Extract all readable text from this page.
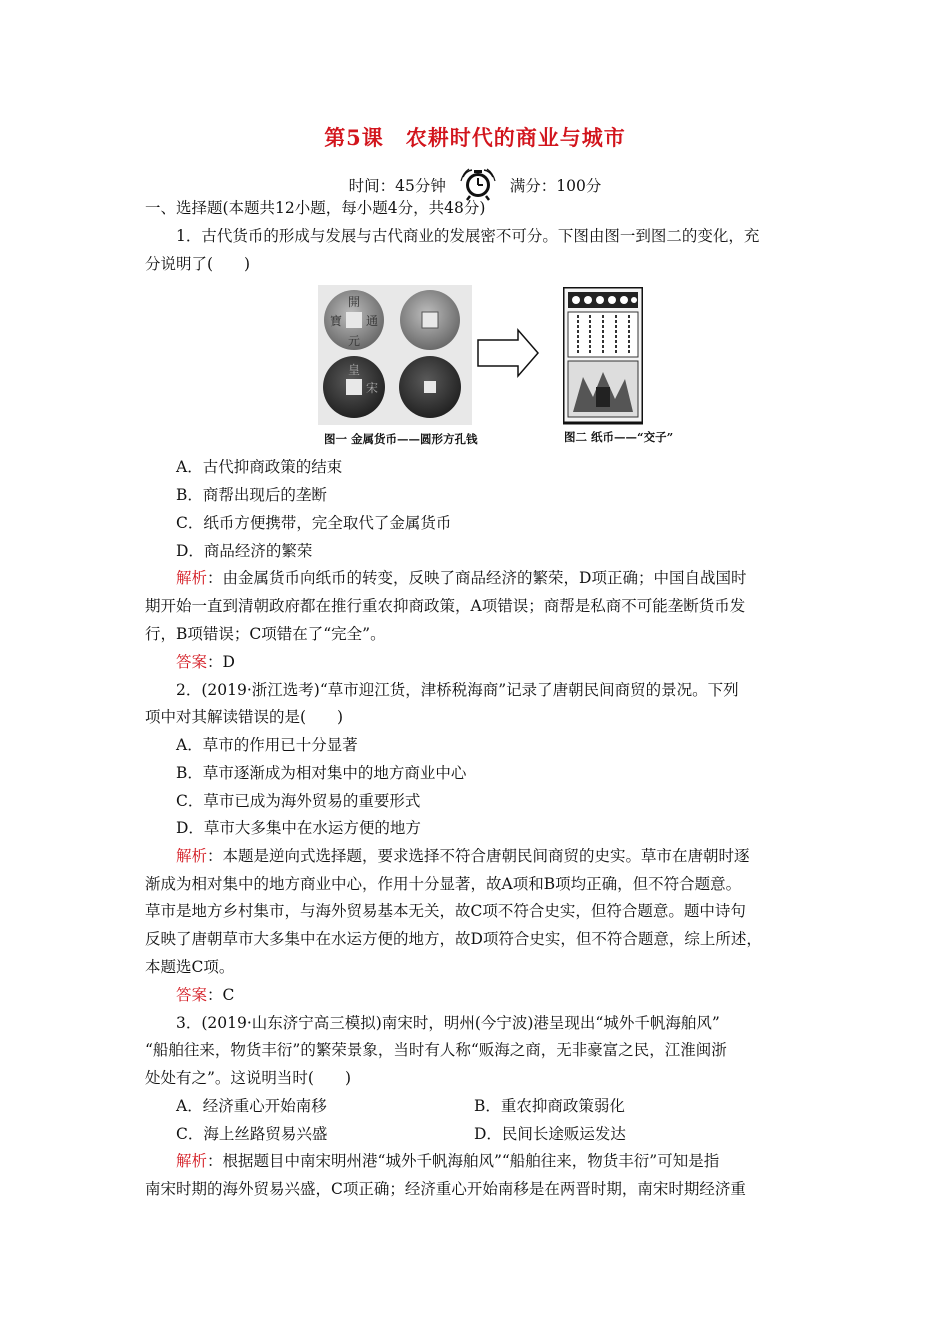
第5课　农耕时代的商业与城市
时间：45分钟	满分：100分
一、选择题(本题共12小题，每小题4分，共48分)
1．古代货币的形成与发展与古代商业的发展密不可分。下图由图一到图二的变化，充
分说明了(　　)
開
元
寶 通
皇
宋
图一 金属货币——圆形方孔钱	图二 纸币——“交子”
A．古代抑商政策的结束
B．商帮出现后的垄断
C．纸币方便携带，完全取代了金属货币
D．商品经济的繁荣
解析：由金属货币向纸币的转变，反映了商品经济的繁荣，D项正确；中国自战国时
期开始一直到清朝政府都在推行重农抑商政策，A项错误；商帮是私商不可能垄断货币发
行，B项错误；C项错在了“完全”。
答案：D
2．(2019·浙江选考)“草市迎江货，津桥税海商”记录了唐朝民间商贸的景况。下列
项中对其解读错误的是(　　)
A．草市的作用已十分显著
B．草市逐渐成为相对集中的地方商业中心
C．草市已成为海外贸易的重要形式
D．草市大多集中在水运方便的地方
解析：本题是逆向式选择题，要求选择不符合唐朝民间商贸的史实。草市在唐朝时逐
渐成为相对集中的地方商业中心，作用十分显著，故A项和B项均正确，但不符合题意。
草市是地方乡村集市，与海外贸易基本无关，故C项不符合史实，但符合题意。题中诗句
反映了唐朝草市大多集中在水运方便的地方，故D项符合史实，但不符合题意，综上所述，
本题选C项。
答案：C
3．(2019·山东济宁高三模拟)南宋时，明州(今宁波)港呈现出“城外千帆海舶风”
“船舶往来，物货丰衍”的繁荣景象，当时有人称“贩海之商，无非豪富之民，江淮闽浙
处处有之”。这说明当时(　　)
A．经济重心开始南移	B．重农抑商政策弱化
C．海上丝路贸易兴盛	D．民间长途贩运发达
解析：根据题目中南宋明州港“城外千帆海舶风”“船舶往来，物货丰衍”可知是指
南宋时期的海外贸易兴盛，C项正确；经济重心开始南移是在两晋时期，南宋时期经济重
